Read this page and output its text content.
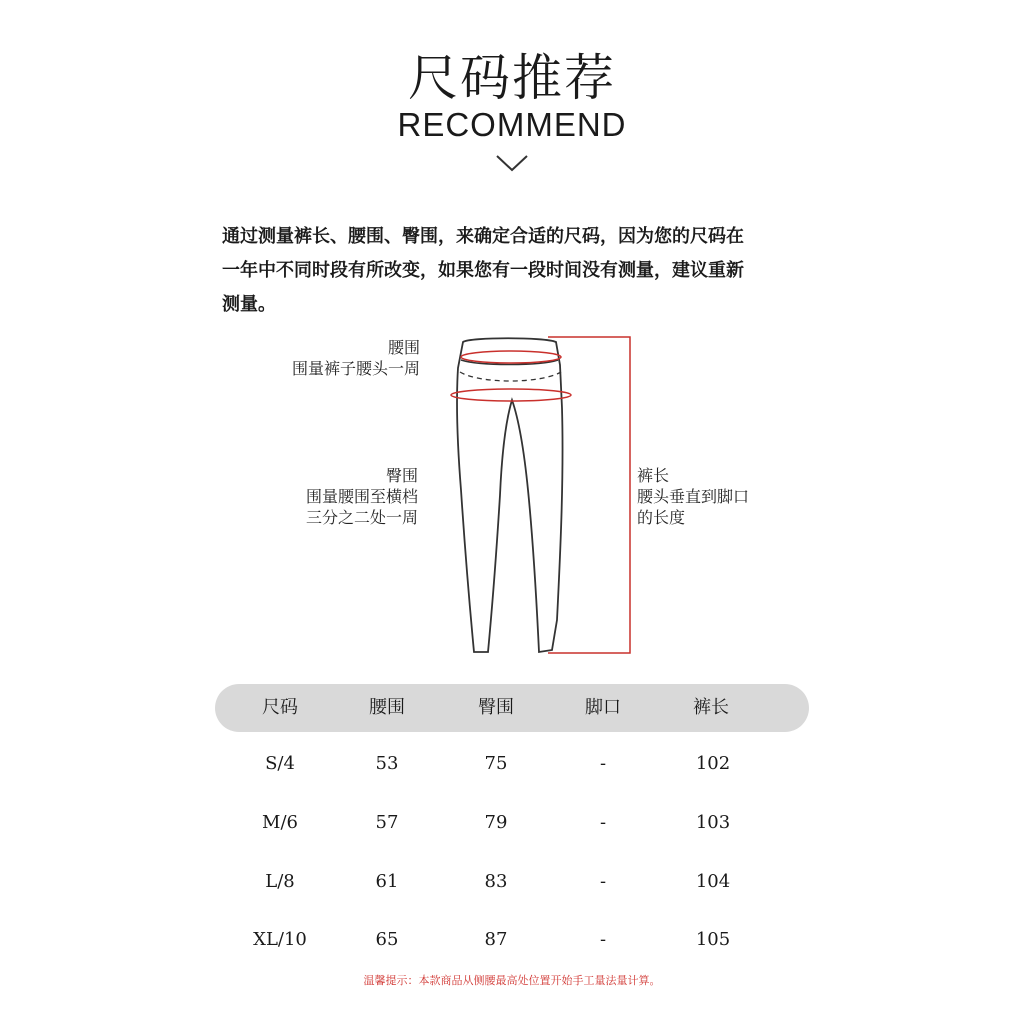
尺码推荐
RECOMMEND
通过测量裤长、腰围、臀围，来确定合适的尺码，因为您的尺码在
一年中不同时段有所改变，如果您有一段时间没有测量，建议重新
测量。
腰围
围量裤子腰头一周
臀围
围量腰围至横档
三分之二处一周
裤长
腰头垂直到脚口
的长度
尺码	腰围	臀围	脚口	裤长
S/4	53	75	-	102
M/6	57	79	-	103
L/8	61	83	-	104
XL/10	65	87	-	105
温馨提示：本款商品从侧腰最高处位置开始手工量法量计算。
